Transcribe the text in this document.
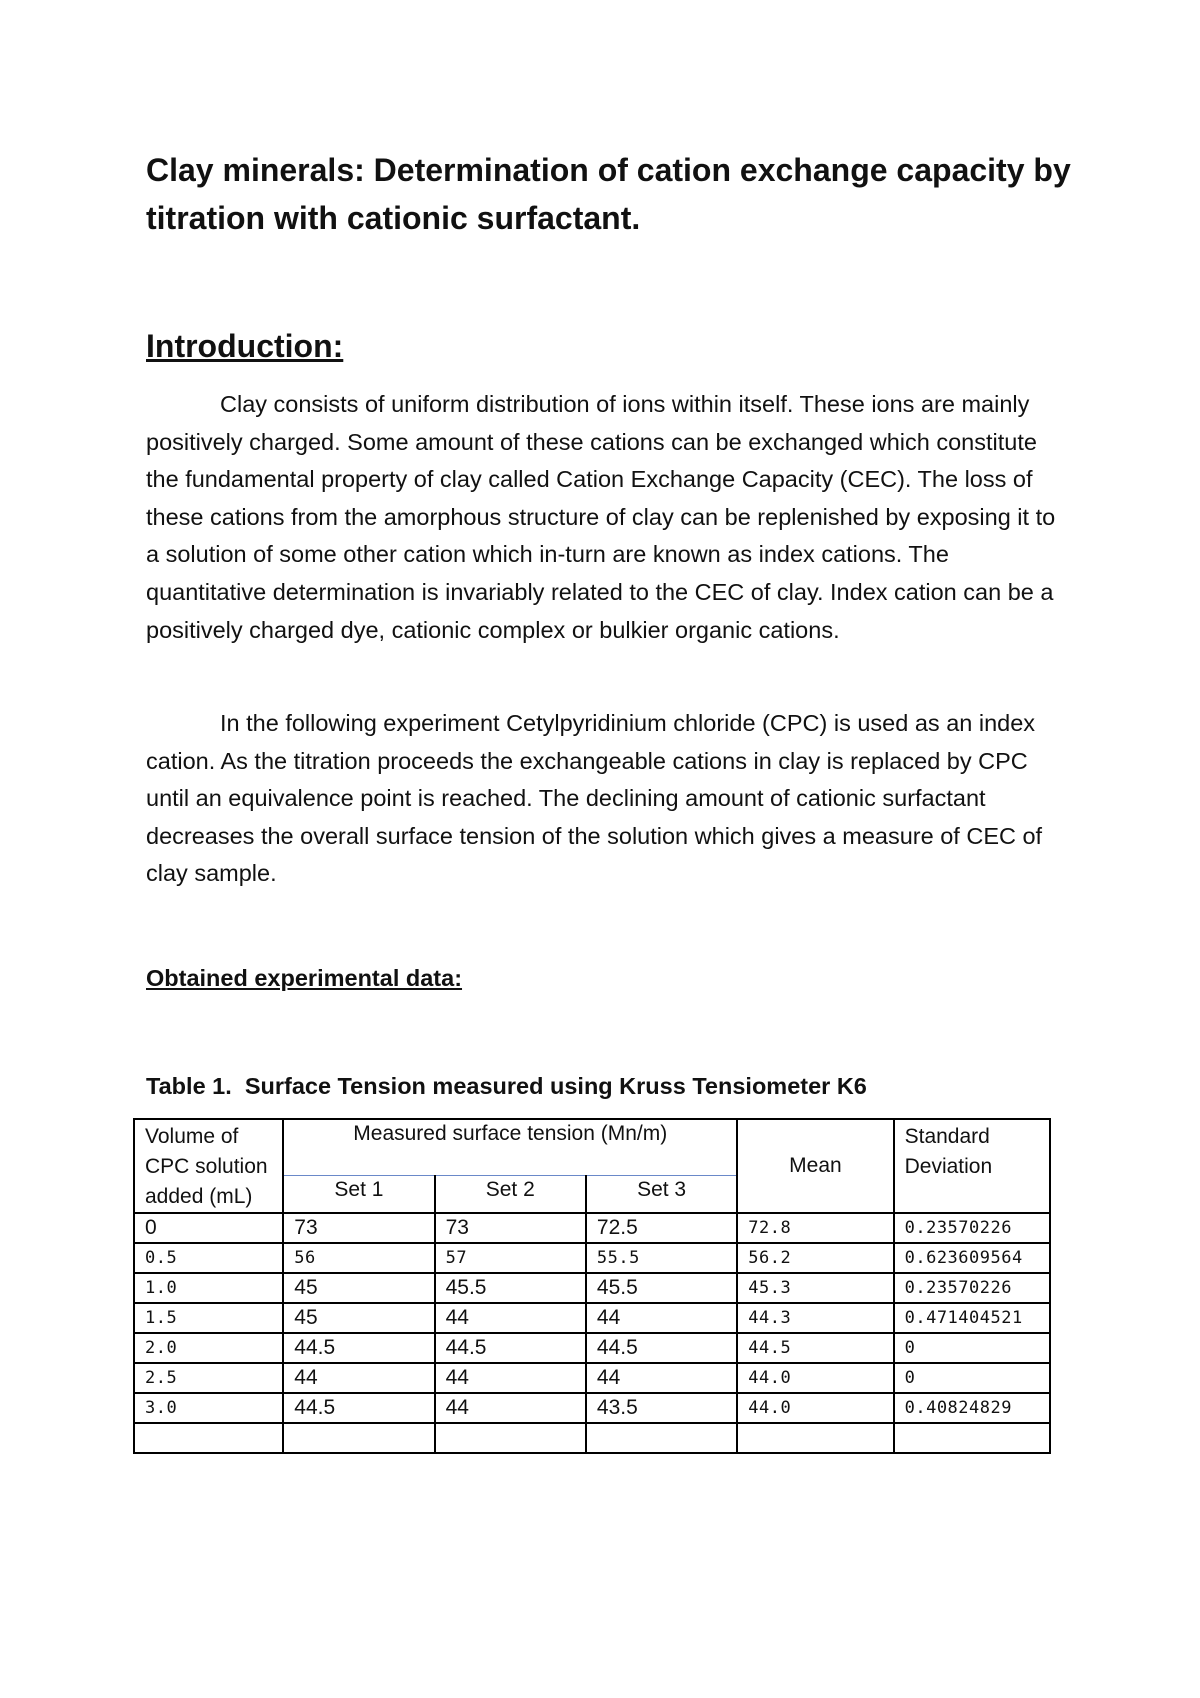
Clay minerals: Determination of cation exchange capacity by titration with cationic surfactant.
Introduction:

Clay consists of uniform distribution of ions within itself. These ions are mainly positively charged. Some amount of these cations can be exchanged which constitute the fundamental property of clay called Cation Exchange Capacity (CEC). The loss of these cations from the amorphous structure of clay can be replenished by exposing it to a solution of some other cation which in-turn are known as index cations. The quantitative determination is invariably related to the CEC of clay. Index cation can be a positively charged dye, cationic complex or bulkier organic cations.

In the following experiment Cetylpyridinium chloride (CPC) is used as an index cation. As the titration proceeds the exchangeable cations in clay is replaced by CPC until an equivalence point is reached. The declining amount of cationic surfactant decreases the overall surface tension of the solution which gives a measure of CEC of clay sample.

Obtained experimental data:

Table 1.  Surface Tension measured using Kruss Tensiometer K6

Volume of CPC solution added (mL)	Measured surface tension (Mn/m)			Mean	Standard Deviation
	Set 1	Set 2	Set 3		
0	73	73	72.5	72.8	0.23570226
0.5	56	57	55.5	56.2	0.623609564
1.0	45	45.5	45.5	45.3	0.23570226
1.5	45	44	44	44.3	0.471404521
2.0	44.5	44.5	44.5	44.5	0
2.5	44	44	44	44.0	0
3.0	44.5	44	43.5	44.0	0.40824829
